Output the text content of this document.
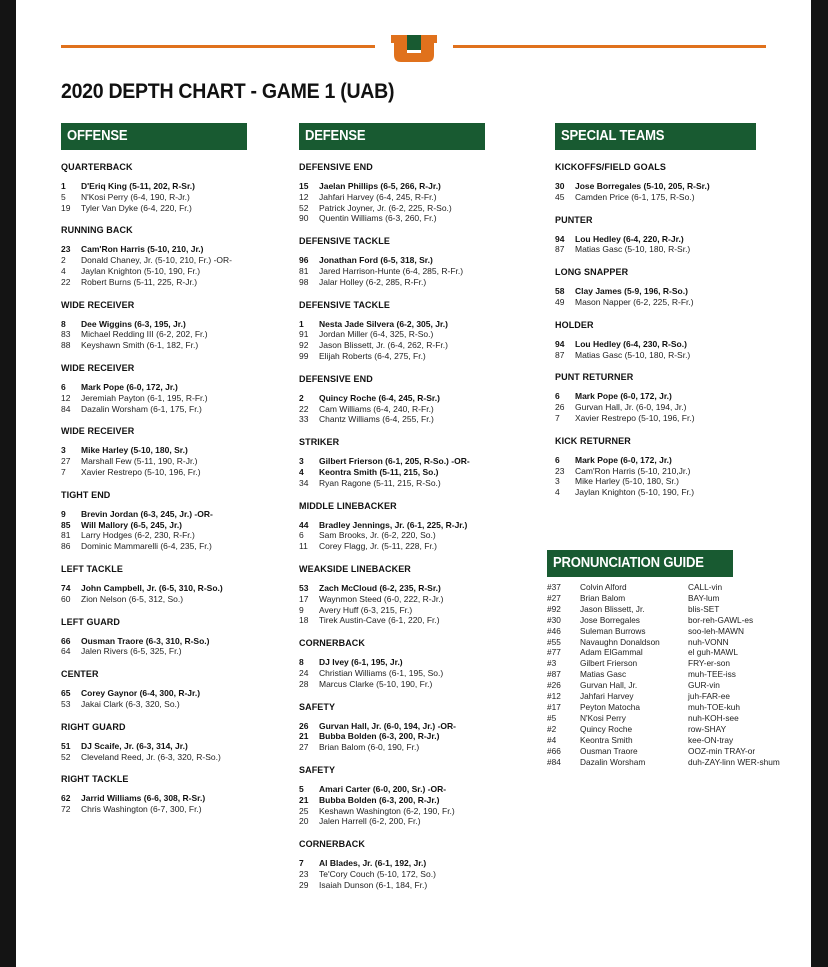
2020 DEPTH CHART - GAME 1 (UAB)
OFFENSE
QUARTERBACK
1	D'Eriq King (5-11, 202, R-Sr.)
5	N'Kosi Perry (6-4, 190, R-Jr.)
19	Tyler Van Dyke (6-4, 220, Fr.)
RUNNING BACK
23	Cam'Ron Harris (5-10, 210, Jr.)
2	Donald Chaney, Jr. (5-10, 210, Fr.) -OR-
4	Jaylan Knighton (5-10, 190, Fr.)
22	Robert Burns (5-11, 225, R-Jr.)
WIDE RECEIVER
8	Dee Wiggins (6-3, 195, Jr.)
83	Michael Redding III (6-2, 202, Fr.)
88	Keyshawn Smith (6-1, 182, Fr.)
WIDE RECEIVER
6	Mark Pope (6-0, 172, Jr.)
12	Jeremiah Payton (6-1, 195, R-Fr.)
84	Dazalin Worsham (6-1, 175, Fr.)
WIDE RECEIVER
3	Mike Harley (5-10, 180, Sr.)
27	Marshall Few (5-11, 190, R-Jr.)
7	Xavier Restrepo (5-10, 196, Fr.)
TIGHT END
9	Brevin Jordan (6-3, 245, Jr.) -OR-
85	Will Mallory (6-5, 245, Jr.)
81	Larry Hodges (6-2, 230, R-Fr.)
86	Dominic Mammarelli (6-4, 235, Fr.)
LEFT TACKLE
74	John Campbell, Jr. (6-5, 310, R-So.)
60	Zion Nelson (6-5, 312, So.)
LEFT GUARD
66	Ousman Traore (6-3, 310, R-So.)
64	Jalen Rivers (6-5, 325, Fr.)
CENTER
65	Corey Gaynor (6-4, 300, R-Jr.)
53	Jakai Clark (6-3, 320, So.)
RIGHT GUARD
51	DJ Scaife, Jr. (6-3, 314, Jr.)
52	Cleveland Reed, Jr. (6-3, 320, R-So.)
RIGHT TACKLE
62	Jarrid Williams (6-6, 308, R-Sr.)
72	Chris Washington (6-7, 300, Fr.)
DEFENSE
DEFENSIVE END
15	Jaelan Phillips (6-5, 266, R-Jr.)
12	Jahfari Harvey (6-4, 245, R-Fr.)
52	Patrick Joyner, Jr. (6-2, 225, R-So.)
90	Quentin Williams (6-3, 260, Fr.)
DEFENSIVE TACKLE
96	Jonathan Ford (6-5, 318, Sr.)
81	Jared Harrison-Hunte (6-4, 285, R-Fr.)
98	Jalar Holley (6-2, 285, R-Fr.)
DEFENSIVE TACKLE
1	Nesta Jade Silvera (6-2, 305, Jr.)
91	Jordan Miller (6-4, 325, R-So.)
92	Jason Blissett, Jr. (6-4, 262, R-Fr.)
99	Elijah Roberts (6-4, 275, Fr.)
DEFENSIVE END
2	Quincy Roche (6-4, 245, R-Sr.)
22	Cam Williams (6-4, 240, R-Fr.)
33	Chantz Williams (6-4, 255, Fr.)
STRIKER
3	Gilbert Frierson (6-1, 205, R-So.) -OR-
4	Keontra Smith (5-11, 215, So.)
34	Ryan Ragone (5-11, 215, R-So.)
MIDDLE LINEBACKER
44	Bradley Jennings, Jr. (6-1, 225, R-Jr.)
6	Sam Brooks, Jr. (6-2, 220, So.)
11	Corey Flagg, Jr. (5-11, 228, Fr.)
WEAKSIDE LINEBACKER
53	Zach McCloud (6-2, 235, R-Sr.)
17	Waynmon Steed (6-0, 222, R-Jr.)
9	Avery Huff (6-3, 215, Fr.)
18	Tirek Austin-Cave (6-1, 220, Fr.)
CORNERBACK
8	DJ Ivey (6-1, 195, Jr.)
24	Christian Williams (6-1, 195, So.)
28	Marcus Clarke (5-10, 190, Fr.)
SAFETY
26	Gurvan Hall, Jr. (6-0, 194, Jr.) -OR-
21	Bubba Bolden (6-3, 200, R-Jr.)
27	Brian Balom (6-0, 190, Fr.)
SAFETY
5	Amari Carter (6-0, 200, Sr.) -OR-
21	Bubba Bolden (6-3, 200, R-Jr.)
25	Keshawn Washington (6-2, 190, Fr.)
20	Jalen Harrell (6-2, 200, Fr.)
CORNERBACK
7	Al Blades, Jr. (6-1, 192, Jr.)
23	Te'Cory Couch (5-10, 172, So.)
29	Isaiah Dunson (6-1, 184, Fr.)
SPECIAL TEAMS
KICKOFFS/FIELD GOALS
30	Jose Borregales (5-10, 205, R-Sr.)
45	Camden Price (6-1, 175, R-So.)
PUNTER
94	Lou Hedley (6-4, 220, R-Jr.)
87	Matias Gasc (5-10, 180, R-Sr.)
LONG SNAPPER
58	Clay James (5-9, 196, R-So.)
49	Mason Napper (6-2, 225, R-Fr.)
HOLDER
94	Lou Hedley (6-4, 230, R-So.)
87	Matias Gasc (5-10, 180, R-Sr.)
PUNT RETURNER
6	Mark Pope (6-0, 172, Jr.)
26	Gurvan Hall, Jr. (6-0, 194, Jr.)
7	Xavier Restrepo (5-10, 196, Fr.)
KICK RETURNER
6	Mark Pope (6-0, 172, Jr.)
23	Cam'Ron Harris (5-10, 210,Jr.)
3	Mike Harley (5-10, 180, Sr.)
4	Jaylan Knighton (5-10, 190, Fr.)
PRONUNCIATION GUIDE
#37	Colvin Alford	CALL-vin
#27	Brian Balom	BAY-lum
#92	Jason Blissett, Jr.	blis-SET
#30	Jose Borregales	bor-reh-GAWL-es
#46	Suleman Burrows	soo-leh-MAWN
#55	Navaughn Donaldson	nuh-VONN
#77	Adam ElGammal	el guh-MAWL
#3	Gilbert Frierson	FRY-er-son
#87	Matias Gasc	muh-TEE-iss
#26	Gurvan Hall, Jr.	GUR-vin
#12	Jahfari Harvey	juh-FAR-ee
#17	Peyton Matocha	muh-TOE-kuh
#5	N'Kosi Perry	nuh-KOH-see
#2	Quincy Roche	row-SHAY
#4	Keontra Smith	kee-ON-tray
#66	Ousman Traore	OOZ-min TRAY-or
#84	Dazalin Worsham	duh-ZAY-linn WER-shum
